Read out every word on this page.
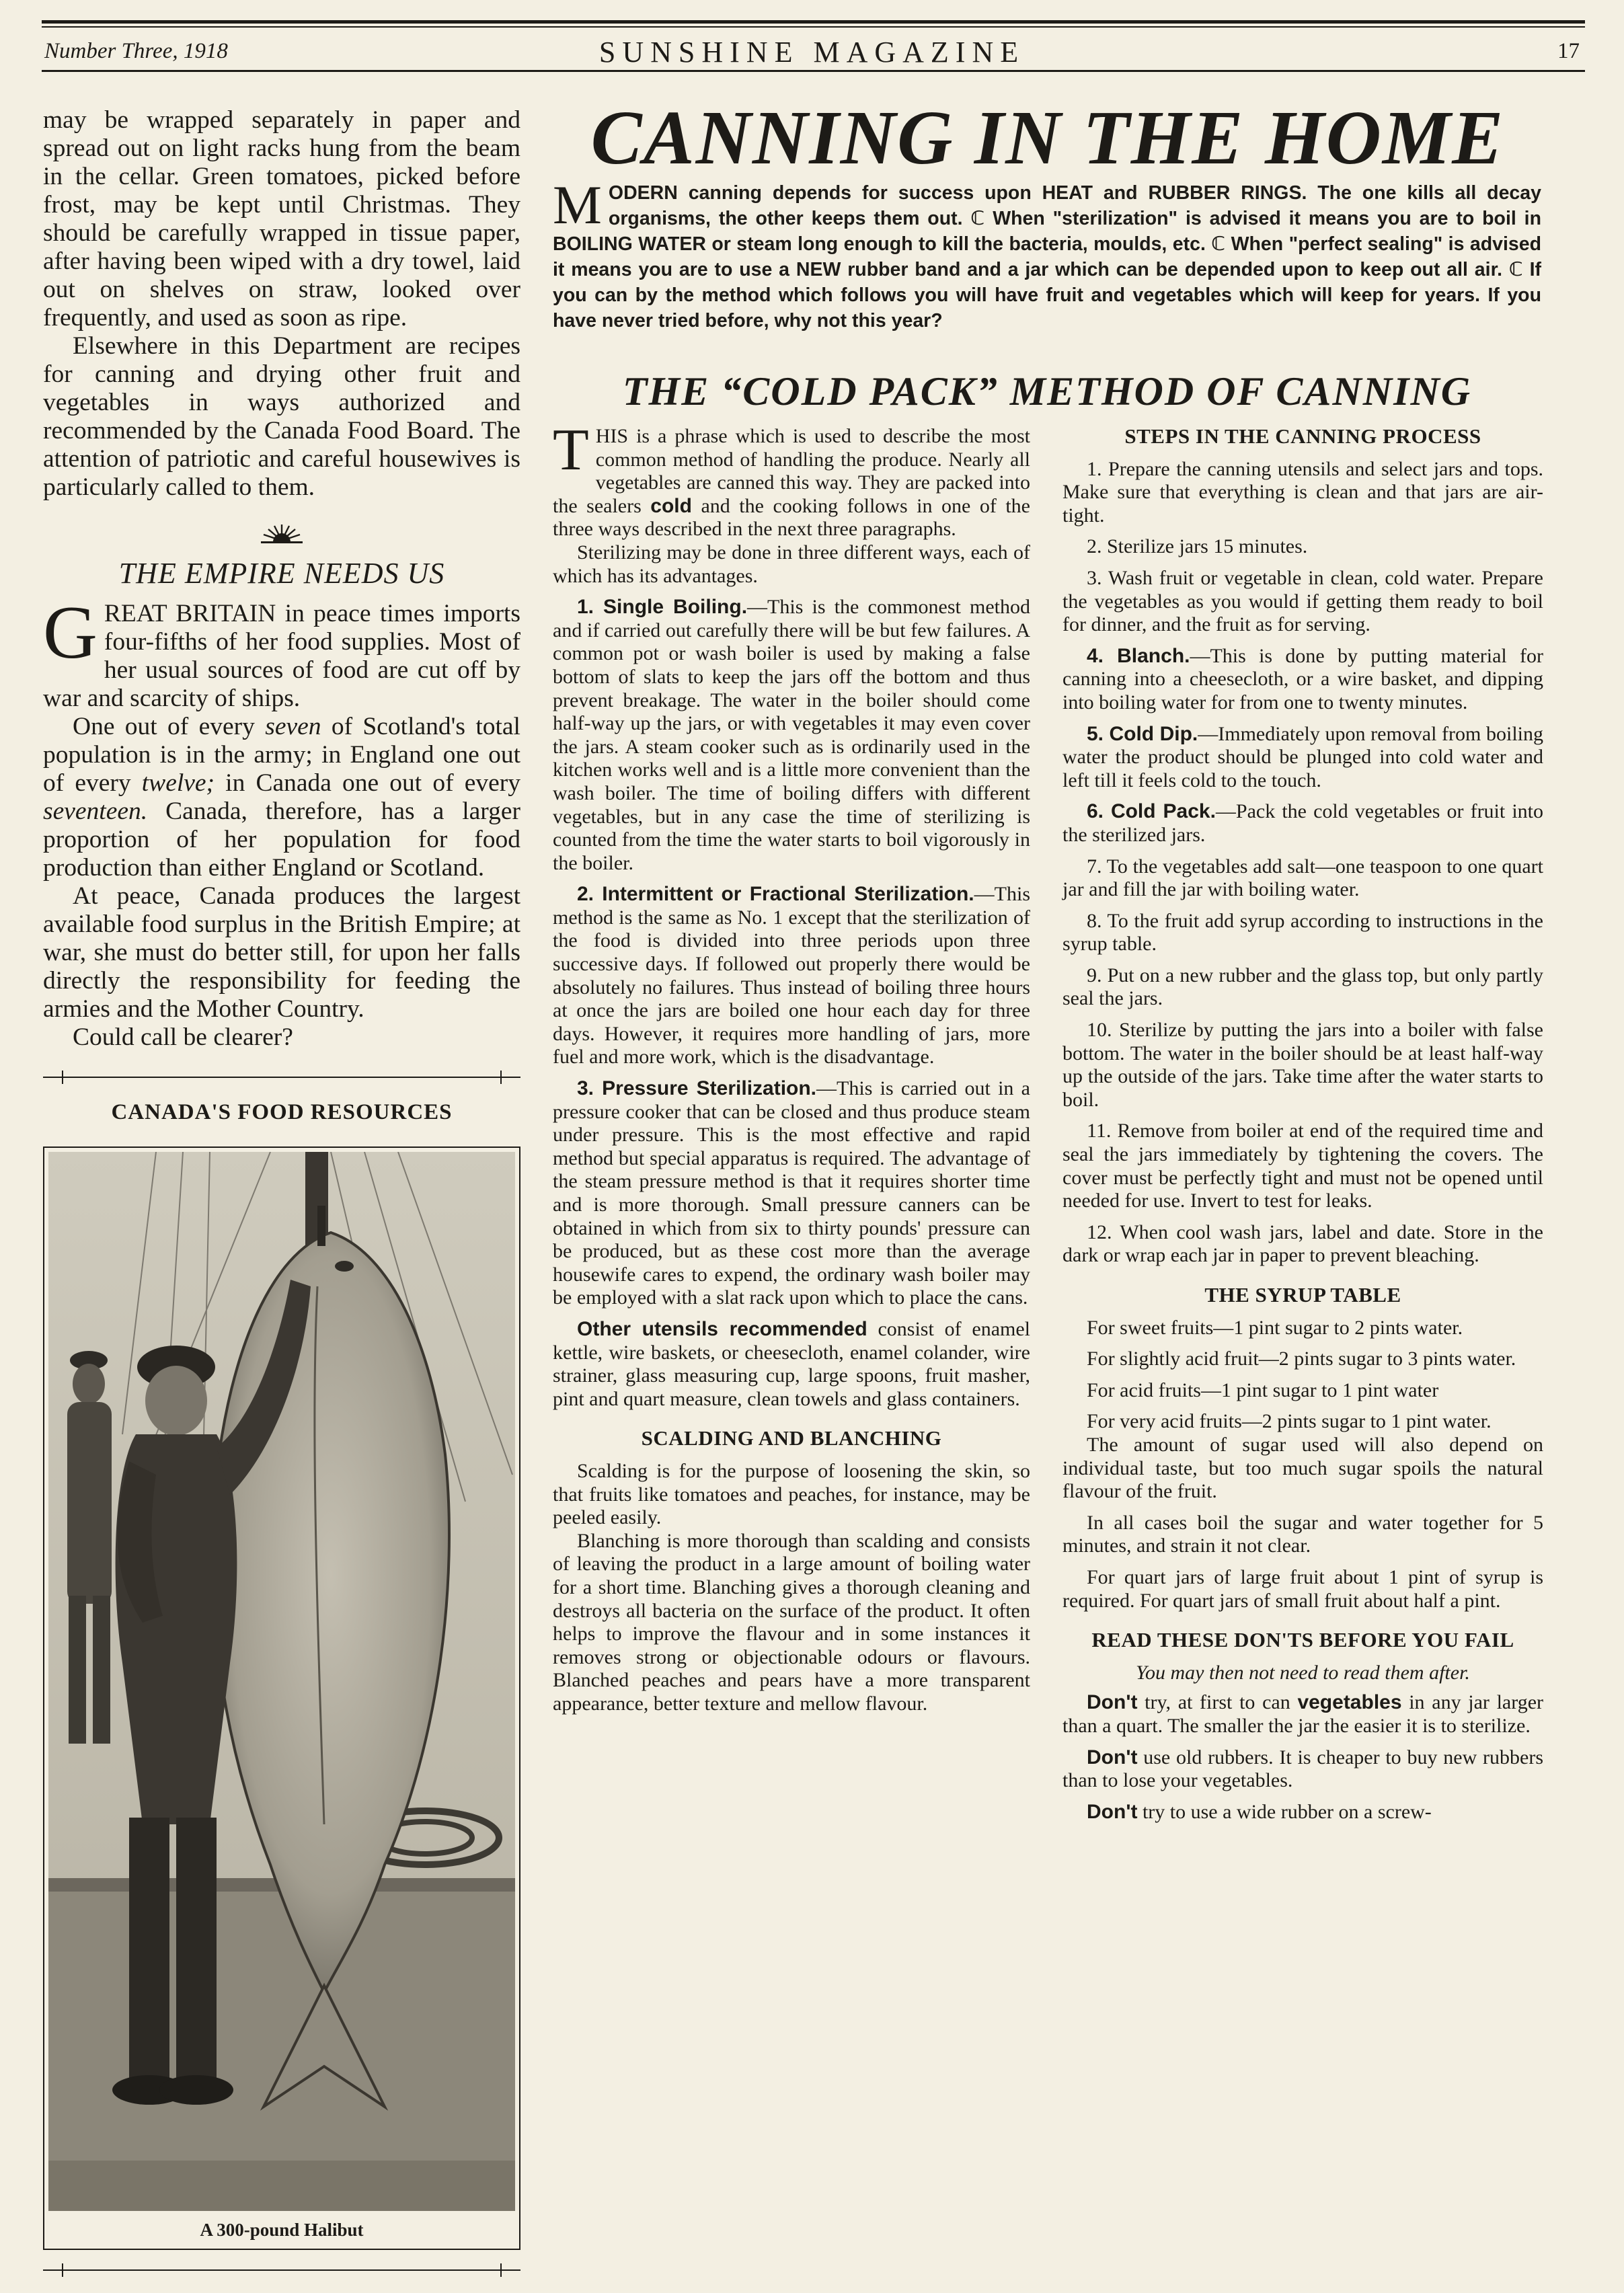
Number Three, 1918	SUNSHINE MAGAZINE	17

may be wrapped separately in paper and spread out on light racks hung from the beam in the cellar. Green tomatoes, picked before frost, may be kept until Christmas. They should be carefully wrapped in tissue paper, after having been wiped with a dry towel, laid out on shelves on straw, looked over frequently, and used as soon as ripe.

Elsewhere in this Department are recipes for canning and drying other fruit and vegetables in ways authorized and recommended by the Canada Food Board. The attention of patriotic and careful housewives is particularly called to them.

THE EMPIRE NEEDS US

GREAT BRITAIN in peace times imports four-fifths of her food supplies. Most of her usual sources of food are cut off by war and scarcity of ships.

One out of every seven of Scotland's total population is in the army; in England one out of every twelve; in Canada one out of every seventeen. Canada, therefore, has a larger proportion of her population for food production than either England or Scotland.

At peace, Canada produces the largest available food surplus in the British Empire; at war, she must do better still, for upon her falls directly the responsibility for feeding the armies and the Mother Country.

Could call be clearer?

CANADA'S FOOD RESOURCES
A 300-pound Halibut
CANNING IN THE HOME
MODERN canning depends for success upon HEAT and RUBBER RINGS. The one kills all decay organisms, the other keeps them out. ℂ When "sterilization" is advised it means you are to boil in BOILING WATER or steam long enough to kill the bacteria, moulds, etc. ℂ When "perfect sealing" is advised it means you are to use a NEW rubber band and a jar which can be depended upon to keep out all air. ℂ If you can by the method which follows you will have fruit and vegetables which will keep for years. If you have never tried before, why not this year?
THE “COLD PACK” METHOD OF CANNING

THIS is a phrase which is used to describe the most common method of handling the produce. Nearly all vegetables are canned this way. They are packed into the sealers cold and the cooking follows in one of the three ways described in the next three paragraphs.

Sterilizing may be done in three different ways, each of which has its advantages.

1. Single Boiling.—This is the commonest method and if carried out carefully there will be but few failures. A common pot or wash boiler is used by making a false bottom of slats to keep the jars off the bottom and thus prevent breakage. The water in the boiler should come half-way up the jars, or with vegetables it may even cover the jars. A steam cooker such as is ordinarily used in the kitchen works well and is a little more convenient than the wash boiler. The time of boiling differs with different vegetables, but in any case the time of sterilizing is counted from the time the water starts to boil vigorously in the boiler.

2. Intermittent or Fractional Sterilization.—This method is the same as No. 1 except that the sterilization of the food is divided into three periods upon three successive days. If followed out properly there would be absolutely no failures. Thus instead of boiling three hours at once the jars are boiled one hour each day for three days. However, it requires more handling of jars, more fuel and more work, which is the disadvantage.

3. Pressure Sterilization.—This is carried out in a pressure cooker that can be closed and thus produce steam under pressure. This is the most effective and rapid method but special apparatus is required. The advantage of the steam pressure method is that it requires shorter time and is more thorough. Small pressure canners can be obtained in which from six to thirty pounds' pressure can be produced, but as these cost more than the average housewife cares to expend, the ordinary wash boiler may be employed with a slat rack upon which to place the cans.

Other utensils recommended consist of enamel kettle, wire baskets, or cheesecloth, enamel colander, wire strainer, glass measuring cup, large spoons, fruit masher, pint and quart measure, clean towels and glass containers.

SCALDING AND BLANCHING

Scalding is for the purpose of loosening the skin, so that fruits like tomatoes and peaches, for instance, may be peeled easily.

Blanching is more thorough than scalding and consists of leaving the product in a large amount of boiling water for a short time. Blanching gives a thorough cleaning and destroys all bacteria on the surface of the product. It often helps to improve the flavour and in some instances it removes strong or objectionable odours or flavours. Blanched peaches and pears have a more transparent appearance, better texture and mellow flavour.

STEPS IN THE CANNING PROCESS

1. Prepare the canning utensils and select jars and tops. Make sure that everything is clean and that jars are air-tight.

2. Sterilize jars 15 minutes.

3. Wash fruit or vegetable in clean, cold water. Prepare the vegetables as you would if getting them ready to boil for dinner, and the fruit as for serving.

4. Blanch.—This is done by putting material for canning into a cheesecloth, or a wire basket, and dipping into boiling water for from one to twenty minutes.

5. Cold Dip.—Immediately upon removal from boiling water the product should be plunged into cold water and left till it feels cold to the touch.

6. Cold Pack.—Pack the cold vegetables or fruit into the sterilized jars.

7. To the vegetables add salt—one teaspoon to one quart jar and fill the jar with boiling water.

8. To the fruit add syrup according to instructions in the syrup table.

9. Put on a new rubber and the glass top, but only partly seal the jars.

10. Sterilize by putting the jars into a boiler with false bottom. The water in the boiler should be at least half-way up the outside of the jars. Take time after the water starts to boil.

11. Remove from boiler at end of the required time and seal the jars immediately by tightening the covers. The cover must be perfectly tight and must not be opened until needed for use. Invert to test for leaks.

12. When cool wash jars, label and date. Store in the dark or wrap each jar in paper to prevent bleaching.

THE SYRUP TABLE

For sweet fruits—1 pint sugar to 2 pints water.

For slightly acid fruit—2 pints sugar to 3 pints water.

For acid fruits—1 pint sugar to 1 pint water

For very acid fruits—2 pints sugar to 1 pint water.

The amount of sugar used will also depend on individual taste, but too much sugar spoils the natural flavour of the fruit.

In all cases boil the sugar and water together for 5 minutes, and strain it not clear.

For quart jars of large fruit about 1 pint of syrup is required. For quart jars of small fruit about half a pint.

READ THESE DON'TS BEFORE YOU FAIL
You may then not need to read them after.

Don't try, at first to can vegetables in any jar larger than a quart. The smaller the jar the easier it is to sterilize.

Don't use old rubbers. It is cheaper to buy new rubbers than to lose your vegetables.

Don't try to use a wide rubber on a screw-
